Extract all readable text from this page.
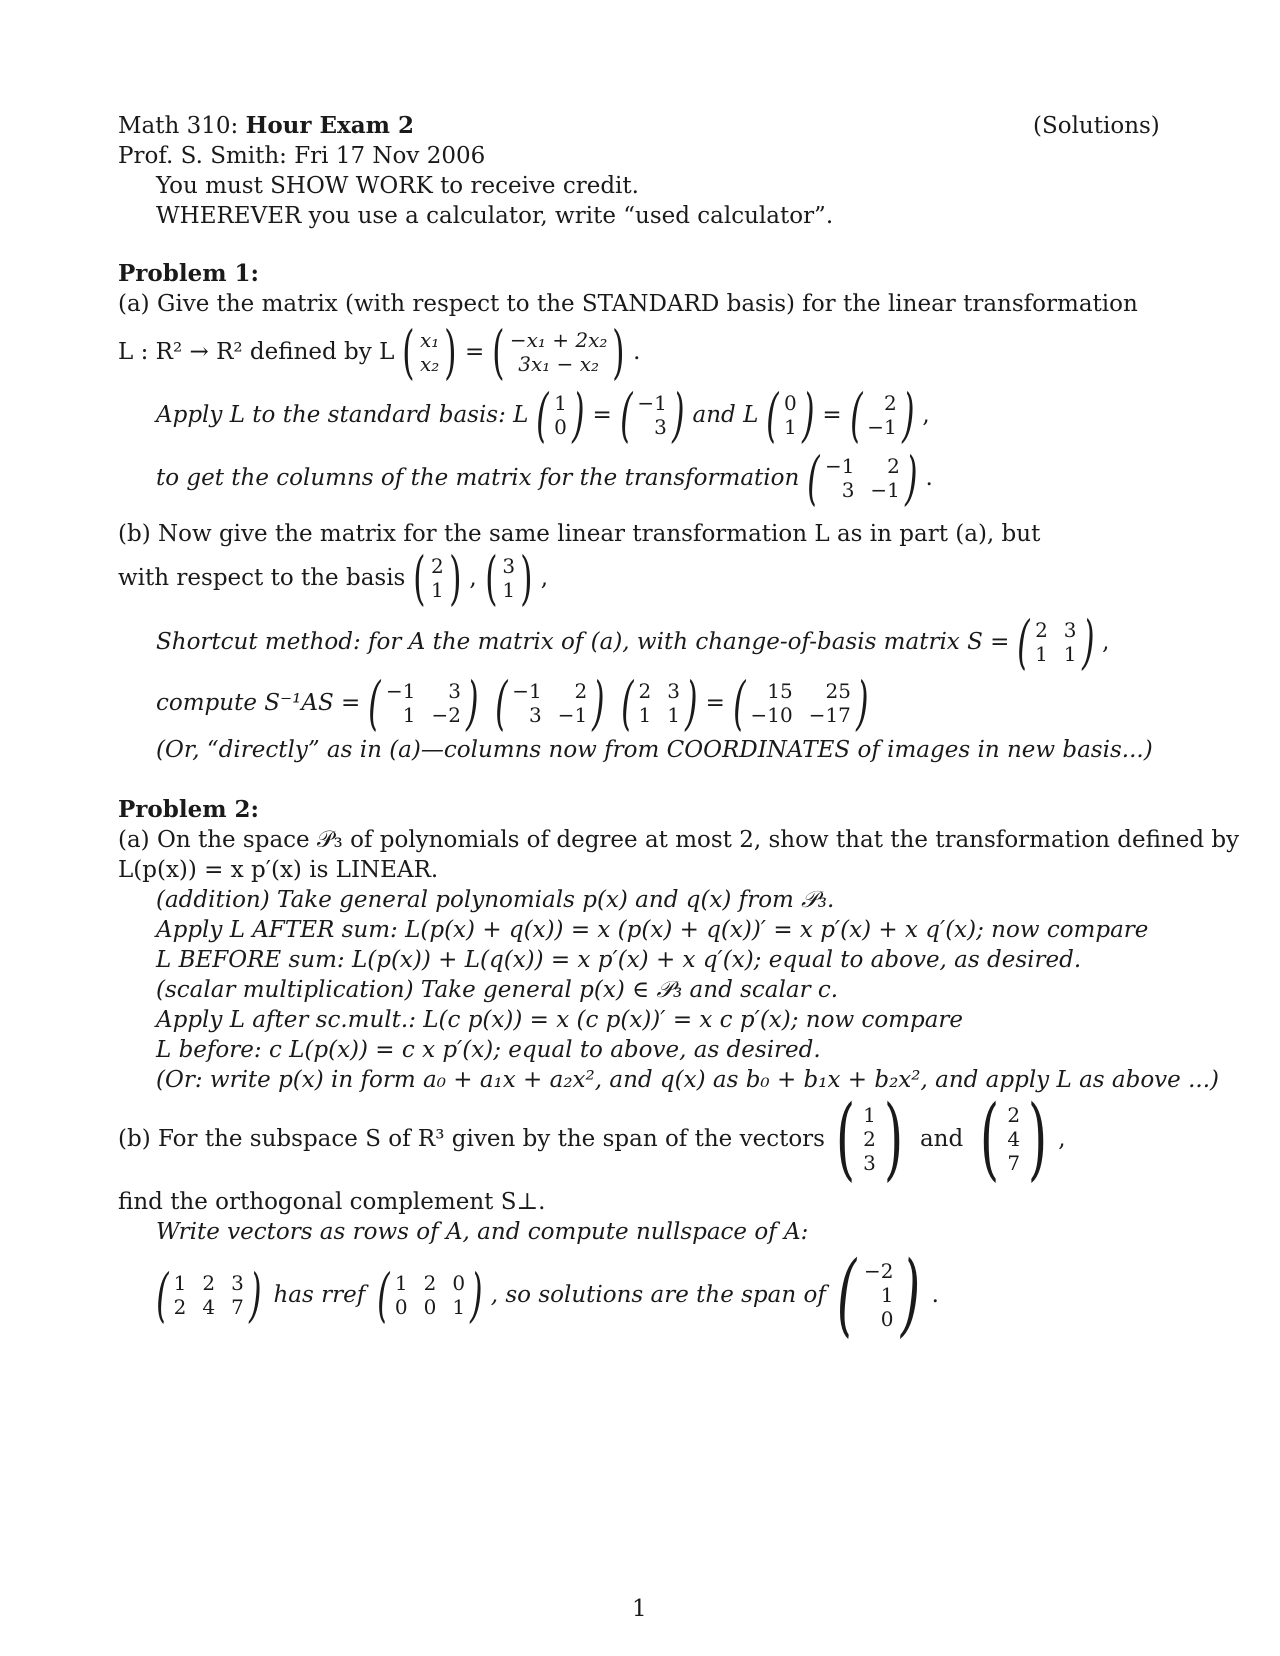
Math 310: Hour Exam 2	(Solutions)
Prof. S. Smith: Fri 17 Nov 2006
You must SHOW WORK to receive credit.
WHEREVER you use a calculator, write “used calculator”.
Problem 1:
(a) Give the matrix (with respect to the STANDARD basis) for the linear transformation
L : R² → R² defined by L ( x₁
x₂ ) = ( −x₁ + 2x₂
3x₁ − x₂ ) .
Apply L to the standard basis: L ( 1
0 ) = ( −1
3 ) and L ( 0
1 ) = (	2
−1 ) ,
to get the columns of the matrix for the transformation ( −1	2
3 −1 ) .
(b) Now give the matrix for the same linear transformation L as in part (a), but
with respect to the basis ( 2
1 ) , ( 3
1 ) ,
Shortcut method: for A the matrix of (a), with change-of-basis matrix S = ( 2 3
1 1 ) ,
compute S⁻¹AS = ( −1	3
1 −2 ) ( −1	2
3 −1 ) ( 2 3
1 1 ) = (	15	25
−10 −17 )
(Or, “directly” as in (a)—columns now from COORDINATES of images in new basis...)
Problem 2:
(a) On the space 𝒫₃ of polynomials of degree at most 2, show that the transformation defined by
L(p(x)) = x p′(x) is LINEAR.
(addition) Take general polynomials p(x) and q(x) from 𝒫₃.
Apply L AFTER sum: L(p(x) + q(x)) = x (p(x) + q(x))′ = x p′(x) + x q′(x); now compare
L BEFORE sum: L(p(x)) + L(q(x)) = x p′(x) + x q′(x); equal to above, as desired.
(scalar multiplication) Take general p(x) ∈ 𝒫₃ and scalar c.
Apply L after sc.mult.: L(c p(x)) = x (c p(x))′ = x c p′(x); now compare
L before: c L(p(x)) = c x p′(x); equal to above, as desired.
(Or: write p(x) in form a₀ + a₁x + a₂x², and q(x) as b₀ + b₁x + b₂x², and apply L as above ...)
(b) For the subspace S of R³ given by the span of the vectors ( 1
2
3 ) and ( 2
4
7 ) ,
find the orthogonal complement S⊥.
Write vectors as rows of A, and compute nullspace of A:
( 1 2 3
2 4 7 ) has rref ( 1 2 0
0 0 1 ) , so solutions are the span of ( −2
1
0 ) .
1
